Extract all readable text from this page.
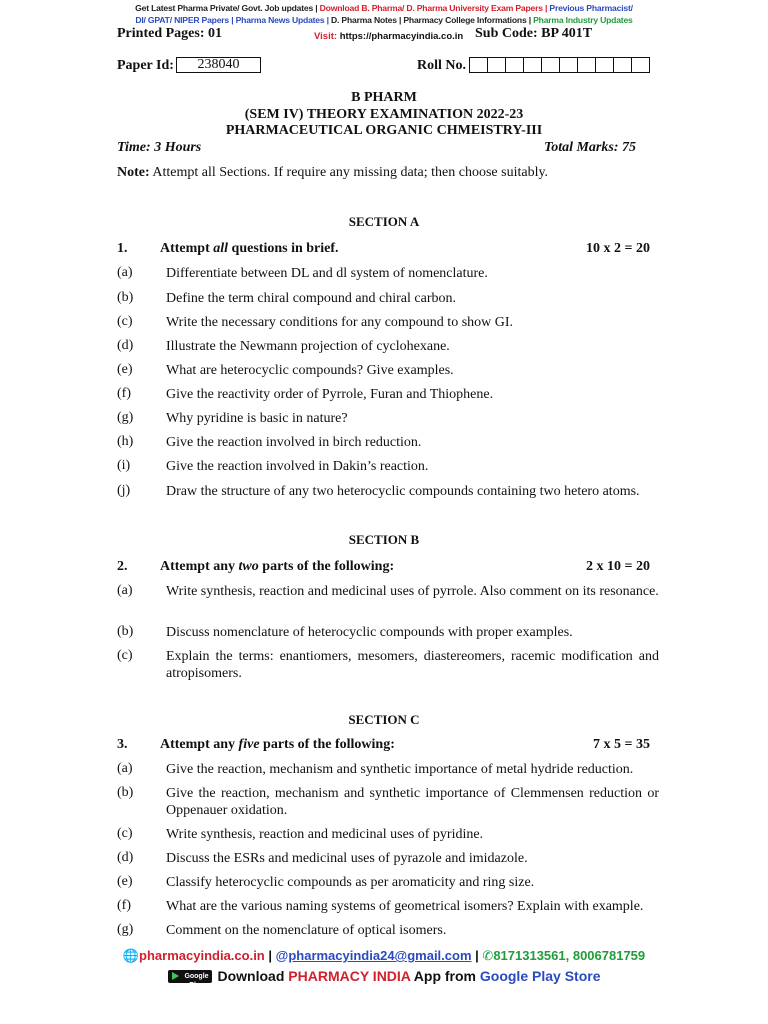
Get Latest Pharma Private/ Govt. Job updates | Download B. Pharma/ D. Pharma University Exam Papers | Previous Pharmacist/
DI/ GPAT/ NIPER Papers | Pharma News Updates | D. Pharma Notes | Pharmacy College Informations | Pharma Industry Updates
Printed Pages: 01	Visit: https://pharmacyindia.co.in Sub Code: BP 401T
Paper Id:	238040	Roll No.
B PHARM
(SEM IV) THEORY EXAMINATION 2022-23
PHARMACEUTICAL ORGANIC CHMEISTRY-III
Time: 3 Hours	Total Marks: 75
Note: Attempt all Sections. If require any missing data; then choose suitably.
SECTION A
1. Attempt all questions in brief.	10 x 2 = 20
(a) Differentiate between DL and dl system of nomenclature.
(b) Define the term chiral compound and chiral carbon.
(c) Write the necessary conditions for any compound to show GI.
(d) Illustrate the Newmann projection of cyclohexane.
(e) What are heterocyclic compounds? Give examples.
(f)	Give the reactivity order of Pyrrole, Furan and Thiophene.
(g) Why pyridine is basic in nature?
(h) Give the reaction involved in birch reduction.
(i)	Give the reaction involved in Dakin’s reaction.
(j)	Draw the structure of any two heterocyclic compounds containing two hetero atoms.
SECTION B
2. Attempt any two parts of the following:	2 x 10 = 20
(a) Write synthesis, reaction and medicinal uses of pyrrole. Also comment on its resonance.
(b) Discuss nomenclature of heterocyclic compounds with proper examples.
(c) Explain the terms: enantiomers, mesomers, diastereomers, racemic modification and atropisomers.
SECTION C
3. Attempt any five parts of the following:	7 x 5 = 35
(a) Give the reaction, mechanism and synthetic importance of metal hydride reduction.
(b) Give the reaction, mechanism and synthetic importance of Clemmensen reduction or Oppenauer oxidation.
(c) Write synthesis, reaction and medicinal uses of pyridine.
(d) Discuss the ESRs and medicinal uses of pyrazole and imidazole.
(e) Classify heterocyclic compounds as per aromaticity and ring size.
(f)	What are the various naming systems of geometrical isomers? Explain with example.
(g) Comment on the nomenclature of optical isomers.
🌐pharmacyindia.co.in | @pharmacyindia24@gmail.com | ✆8171313561, 8006781759
Google Play
Download PHARMACY INDIA App from Google Play Store
